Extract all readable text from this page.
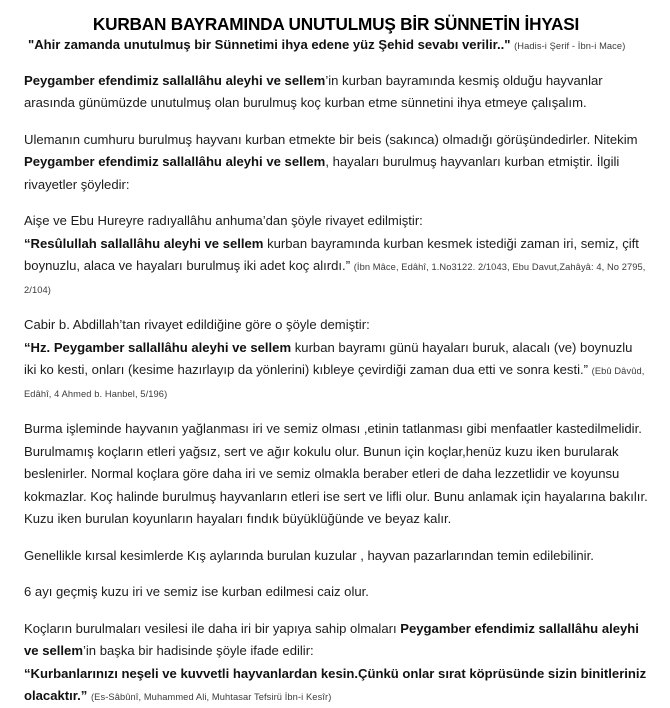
KURBAN BAYRAMINDA UNUTULMUŞ BİR SÜNNETİN İHYASI

"Ahir zamanda unutulmuş bir Sünnetimi ihya edene yüz Şehid sevabı verilir.." (Hadis-i Şerif - İbn-i Mace)

Peygamber efendimiz sallallâhu aleyhi ve sellem’in kurban bayramında kesmiş olduğu hayvanlar arasında günümüzde unutulmuş olan burulmuş koç kurban etme sünnetini ihya etmeye çalışalım.

Ulemanın cumhuru burulmuş hayvanı kurban etmekte bir beis (sakınca) olmadığı görüşündedirler. Nitekim Peygamber efendimiz sallallâhu aleyhi ve sellem, hayaları burulmuş hayvanları kurban etmiştir. İlgili rivayetler şöyledir:

Aişe ve Ebu Hureyre radıyallâhu anhuma’dan şöyle rivayet edilmiştir:

“Resûlullah sallallâhu aleyhi ve sellem kurban bayramında kurban kesmek istediği zaman iri, semiz, çift boynuzlu, alaca ve hayaları burulmuş iki adet koç alırdı.” (İbn Mâce, Edâhî, 1.No3122. 2/1043, Ebu Davut,Zahâyâ: 4, No 2795, 2/104)

Cabir b. Abdillah’tan rivayet edildiğine göre o şöyle demiştir:

“Hz. Peygamber sallallâhu aleyhi ve sellem kurban bayramı günü hayaları buruk, alacalı (ve) boynuzlu iki ko kesti, onları (kesime hazırlayıp da yönlerini) kıbleye çevirdiği zaman dua etti ve sonra kesti.” (Ebû Dâvûd, Edâhî, 4 Ahmed b. Hanbel, 5/196)

Burma işleminde hayvanın yağlanması iri ve semiz olması ,etinin tatlanması gibi menfaatler kastedilmelidir. Burulmamış koçların etleri yağsız, sert ve ağır kokulu olur. Bunun için koçlar,henüz kuzu iken burularak beslenirler. Normal koçlara göre daha iri ve semiz olmakla beraber etleri de daha lezzetlidir ve koyunsu kokmazlar. Koç halinde burulmuş hayvanların etleri ise sert ve lifli olur. Bunu anlamak için hayalarına bakılır. Kuzu iken burulan koyunların hayaları fındık büyüklüğünde ve beyaz kalır.

Genellikle kırsal kesimlerde Kış aylarında burulan kuzular , hayvan pazarlarından temin edilebilinir.

6 ayı geçmiş kuzu iri ve semiz ise kurban edilmesi caiz olur.

Koçların burulmaları vesilesi ile daha iri bir yapıya sahip olmaları Peygamber efendimiz sallallâhu aleyhi ve sellem’in başka bir hadisinde şöyle ifade edilir:

“Kurbanlarınızı neşeli ve kuvvetli hayvanlardan kesin.Çünkü onlar sırat köprüsünde sizin binitleriniz olacaktır.” (Es-Sâbûnî, Muhammed Ali, Muhtasar Tefsirü İbn-i Kesîr)
